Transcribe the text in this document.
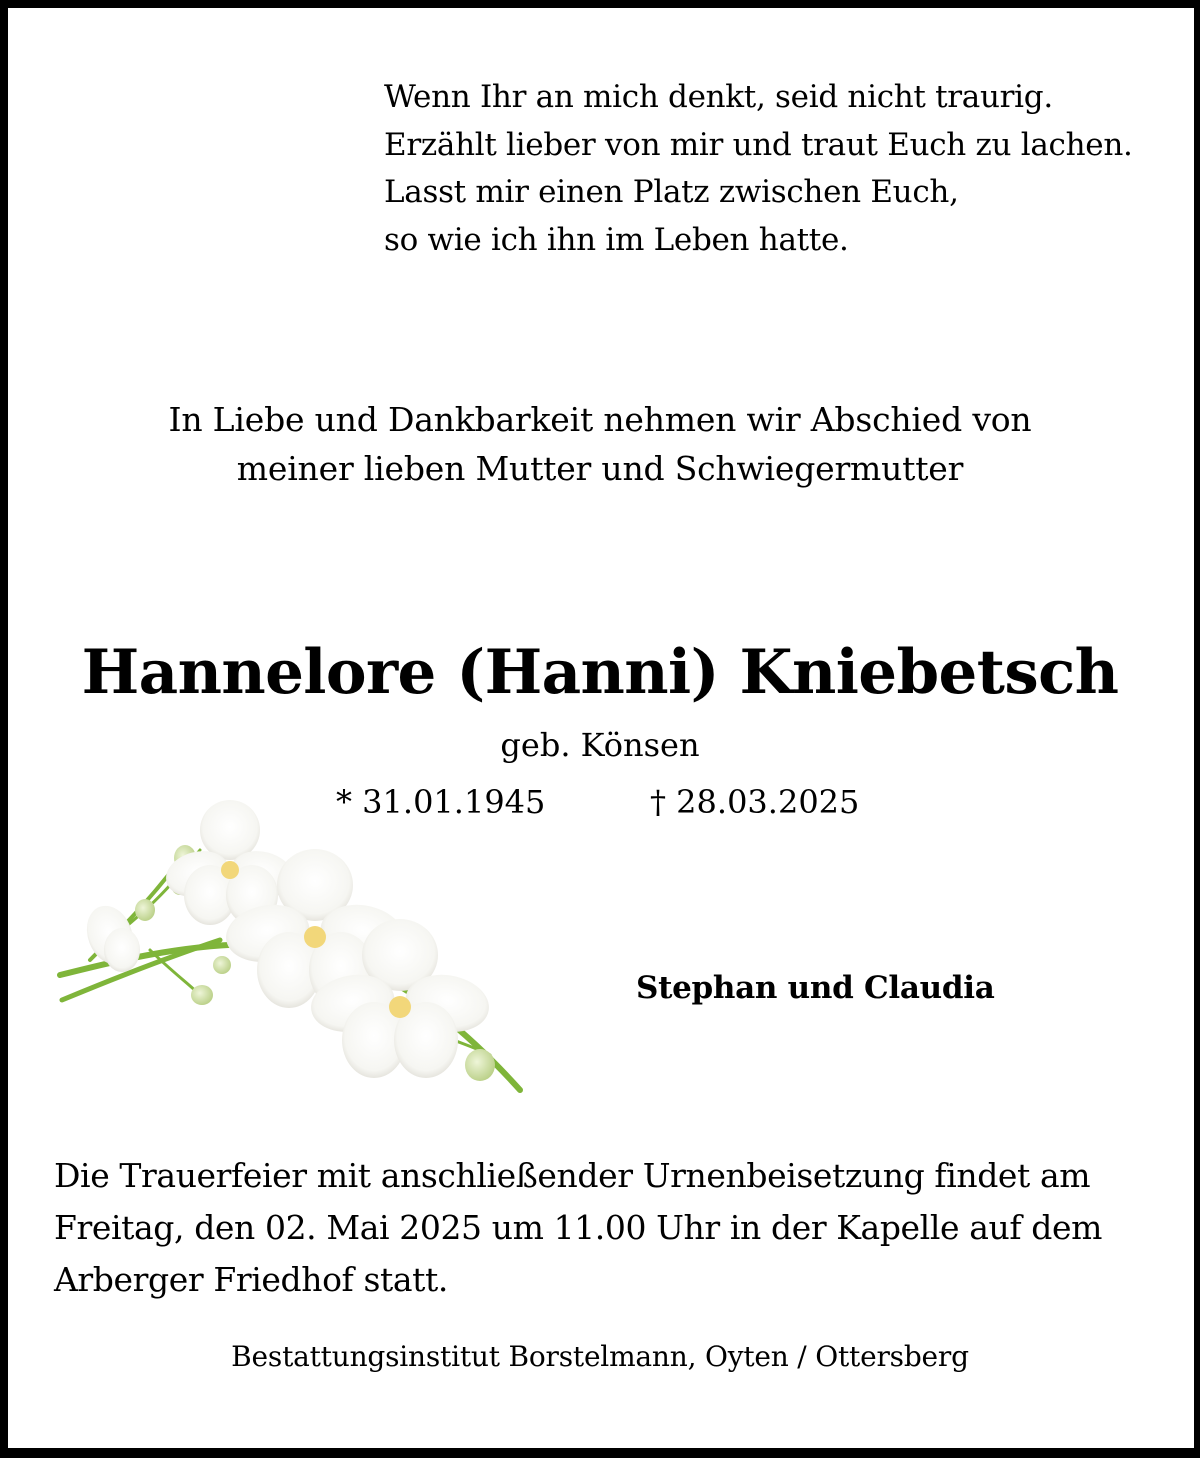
Wenn Ihr an mich denkt, seid nicht traurig.
Erzählt lieber von mir und traut Euch zu lachen.
Lasst mir einen Platz zwischen Euch,
so wie ich ihn im Leben hatte.
In Liebe und Dankbarkeit nehmen wir Abschied von
meiner lieben Mutter und Schwiegermutter
Hannelore (Hanni) Kniebetsch
geb. Könsen
* 31.01.1945	† 28.03.2025
Stephan und Claudia
Die Trauerfeier mit anschließender Urnenbeisetzung findet am
Freitag, den 02. Mai 2025 um 11.00 Uhr in der Kapelle auf dem
Arberger Friedhof statt.
Bestattungsinstitut Borstelmann, Oyten / Ottersberg
